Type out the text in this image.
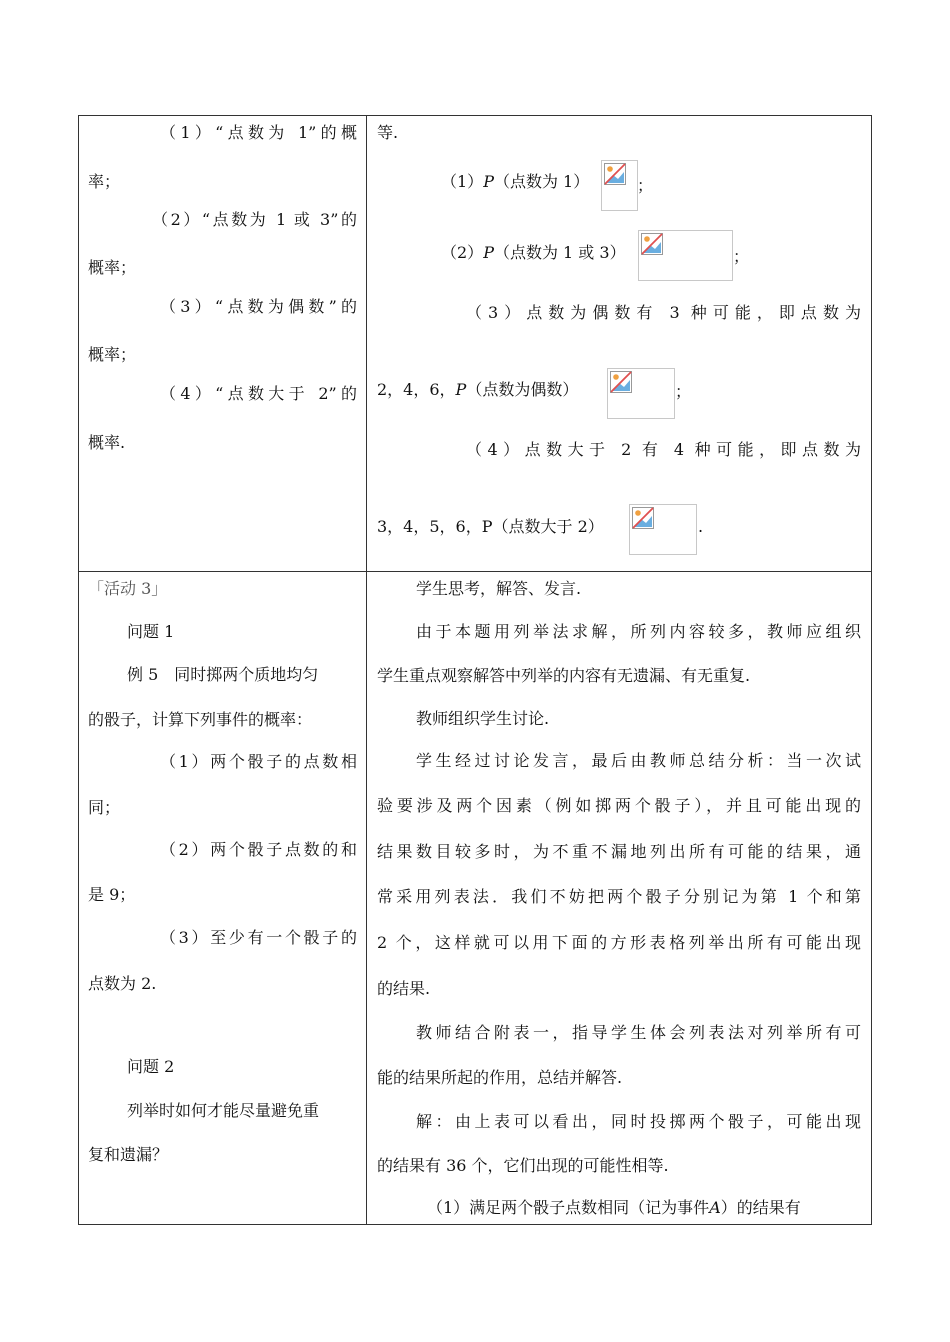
（1）“点数为 1”的概
率；
（2）“点数为 1 或 3”的
概率；
（3）“点数为偶数”的
概率；
（4）“点数大于 2”的
概率.
等.
（1）P（点数为 1）	；
（2）P（点数为 1 或 3）	；
（3）点数为偶数有 3 种可能，即点数为
2，4，6，P（点数为偶数）	；
（4）点数大于 2 有 4 种可能，即点数为
3，4，5，6，P（点数大于 2）	.
「活动 3」
问题 1
例 5　同时掷两个质地均匀
的骰子，计算下列事件的概率：
（1）两个骰子的点数相
同；
（2）两个骰子点数的和
是 9；
（3）至少有一个骰子的
点数为 2.
问题 2
列举时如何才能尽量避免重
复和遗漏？
学生思考，解答、发言.
由于本题用列举法求解，所列内容较多，教师应组织
学生重点观察解答中列举的内容有无遗漏、有无重复.
教师组织学生讨论.
学生经过讨论发言，最后由教师总结分析：当一次试
验要涉及两个因素（例如掷两个骰子），并且可能出现的
结果数目较多时，为不重不漏地列出所有可能的结果，通
常采用列表法．我们不妨把两个骰子分别记为第 1 个和第
2 个，这样就可以用下面的方形表格列举出所有可能出现
的结果.
教师结合附表一，指导学生体会列表法对列举所有可
能的结果所起的作用，总结并解答.
解：由上表可以看出，同时投掷两个骰子，可能出现
的结果有 36 个，它们出现的可能性相等.
（1）满足两个骰子点数相同（记为事件A）的结果有
